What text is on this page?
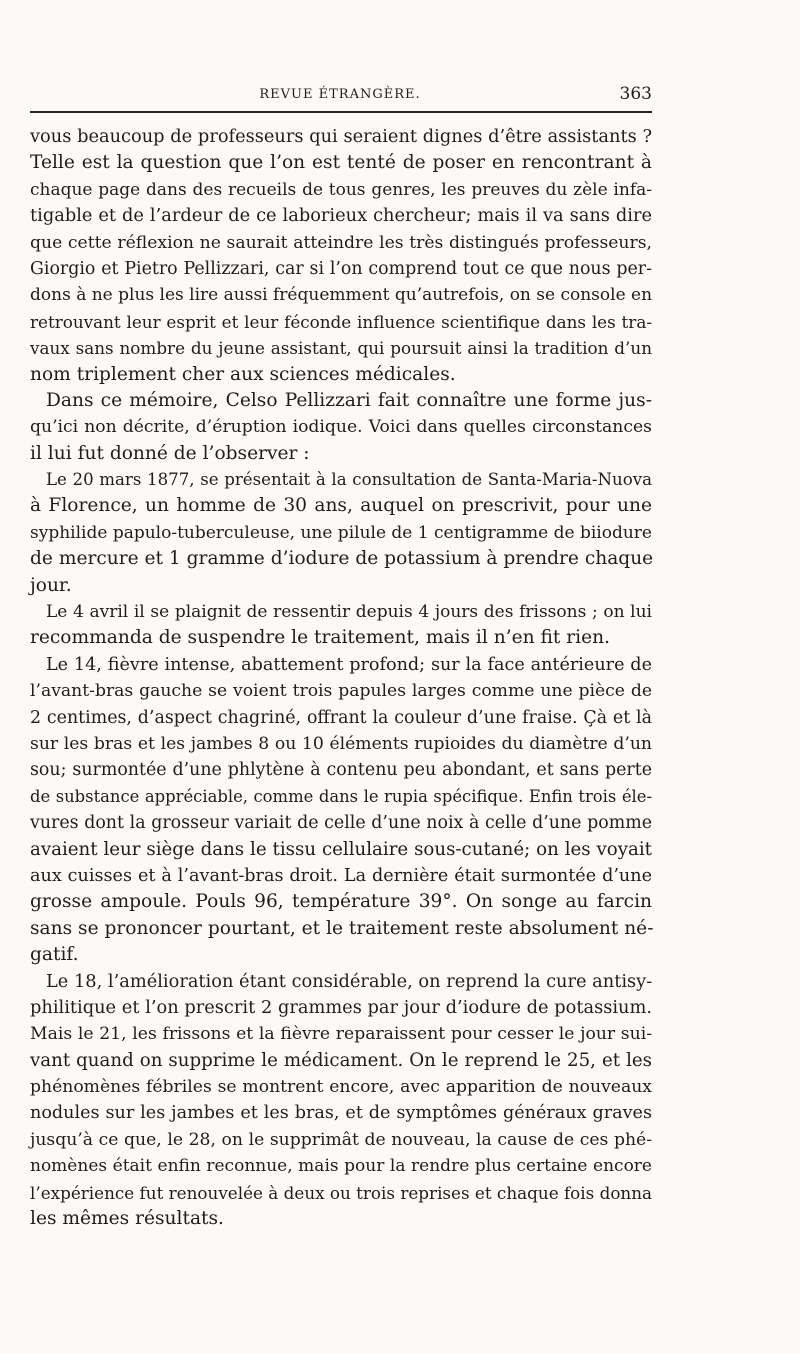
REVUE ÉTRANGÈRE.	363
vous beaucoup de professeurs qui seraient dignes d’être assistants ?
Telle est la question que l’on est tenté de poser en rencontrant à
chaque page dans des recueils de tous genres, les preuves du zèle infa-
tigable et de l’ardeur de ce laborieux chercheur; mais il va sans dire
que cette réflexion ne saurait atteindre les très distingués professeurs,
Giorgio et Pietro Pellizzari, car si l’on comprend tout ce que nous per-
dons à ne plus les lire aussi fréquemment qu’autrefois, on se console en
retrouvant leur esprit et leur féconde influence scientifique dans les tra-
vaux sans nombre du jeune assistant, qui poursuit ainsi la tradition d’un
nom triplement cher aux sciences médicales.
Dans ce mémoire, Celso Pellizzari fait connaître une forme jus-
qu’ici non décrite, d’éruption iodique. Voici dans quelles circonstances
il lui fut donné de l’observer :
Le 20 mars 1877, se présentait à la consultation de Santa-Maria-Nuova
à Florence, un homme de 30 ans, auquel on prescrivit, pour une
syphilide papulo-tuberculeuse, une pilule de 1 centigramme de biiodure
de mercure et 1 gramme d’iodure de potassium à prendre chaque
jour.
Le 4 avril il se plaignit de ressentir depuis 4 jours des frissons ; on lui
recommanda de suspendre le traitement, mais il n’en fit rien.
Le 14, fièvre intense, abattement profond; sur la face antérieure de
l’avant-bras gauche se voient trois papules larges comme une pièce de
2 centimes, d’aspect chagriné, offrant la couleur d’une fraise. Çà et là
sur les bras et les jambes 8 ou 10 éléments rupioides du diamètre d’un
sou; surmontée d’une phlytène à contenu peu abondant, et sans perte
de substance appréciable, comme dans le rupia spécifique. Enfin trois éle-
vures dont la grosseur variait de celle d’une noix à celle d’une pomme
avaient leur siège dans le tissu cellulaire sous-cutané; on les voyait
aux cuisses et à l’avant-bras droit. La dernière était surmontée d’une
grosse ampoule. Pouls 96, température 39°. On songe au farcin
sans se prononcer pourtant, et le traitement reste absolument né-
gatif.
Le 18, l’amélioration étant considérable, on reprend la cure antisy-
philitique et l’on prescrit 2 grammes par jour d’iodure de potassium.
Mais le 21, les frissons et la fièvre reparaissent pour cesser le jour sui-
vant quand on supprime le médicament. On le reprend le 25, et les
phénomènes fébriles se montrent encore, avec apparition de nouveaux
nodules sur les jambes et les bras, et de symptômes généraux graves
jusqu’à ce que, le 28, on le supprimât de nouveau, la cause de ces phé-
nomènes était enfin reconnue, mais pour la rendre plus certaine encore
l’expérience fut renouvelée à deux ou trois reprises et chaque fois donna
les mêmes résultats.
